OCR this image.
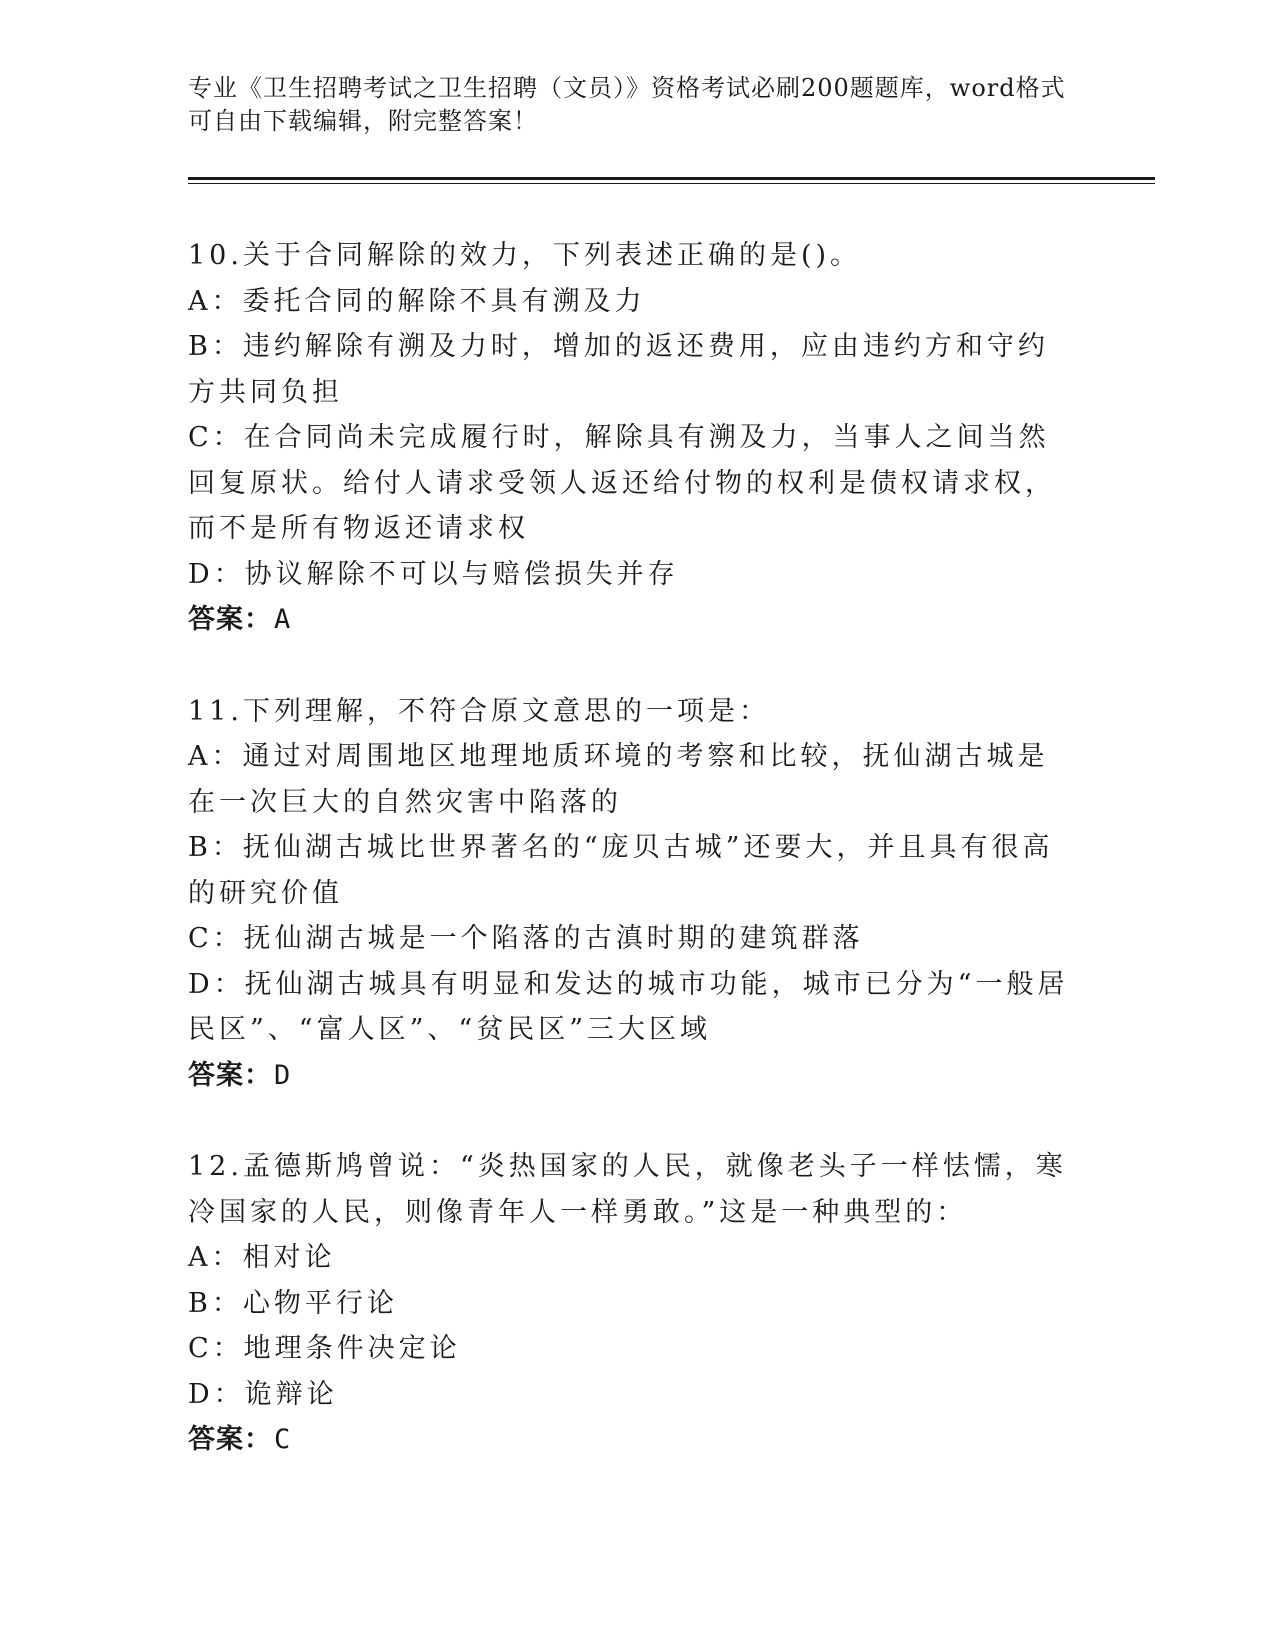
专业《卫生招聘考试之卫生招聘（文员）》资格考试必刷200题题库，word格式可自由下载编辑，附完整答案！
10.关于合同解除的效力，下列表述正确的是()。
A：委托合同的解除不具有溯及力
B：违约解除有溯及力时，增加的返还费用，应由违约方和守约方共同负担
C：在合同尚未完成履行时，解除具有溯及力，当事人之间当然回复原状。给付人请求受领人返还给付物的权利是债权请求权，而不是所有物返还请求权
D：协议解除不可以与赔偿损失并存
答案：A
11.下列理解，不符合原文意思的一项是：
A：通过对周围地区地理地质环境的考察和比较，抚仙湖古城是在一次巨大的自然灾害中陷落的
B：抚仙湖古城比世界著名的“庞贝古城”还要大，并且具有很高的研究价值
C：抚仙湖古城是一个陷落的古滇时期的建筑群落
D：抚仙湖古城具有明显和发达的城市功能，城市已分为“一般居民区”、“富人区”、“贫民区”三大区域
答案：D
12.孟德斯鸠曾说：“炎热国家的人民，就像老头子一样怯懦，寒冷国家的人民，则像青年人一样勇敢。”这是一种典型的：
A：相对论
B：心物平行论
C：地理条件决定论
D：诡辩论
答案：C
